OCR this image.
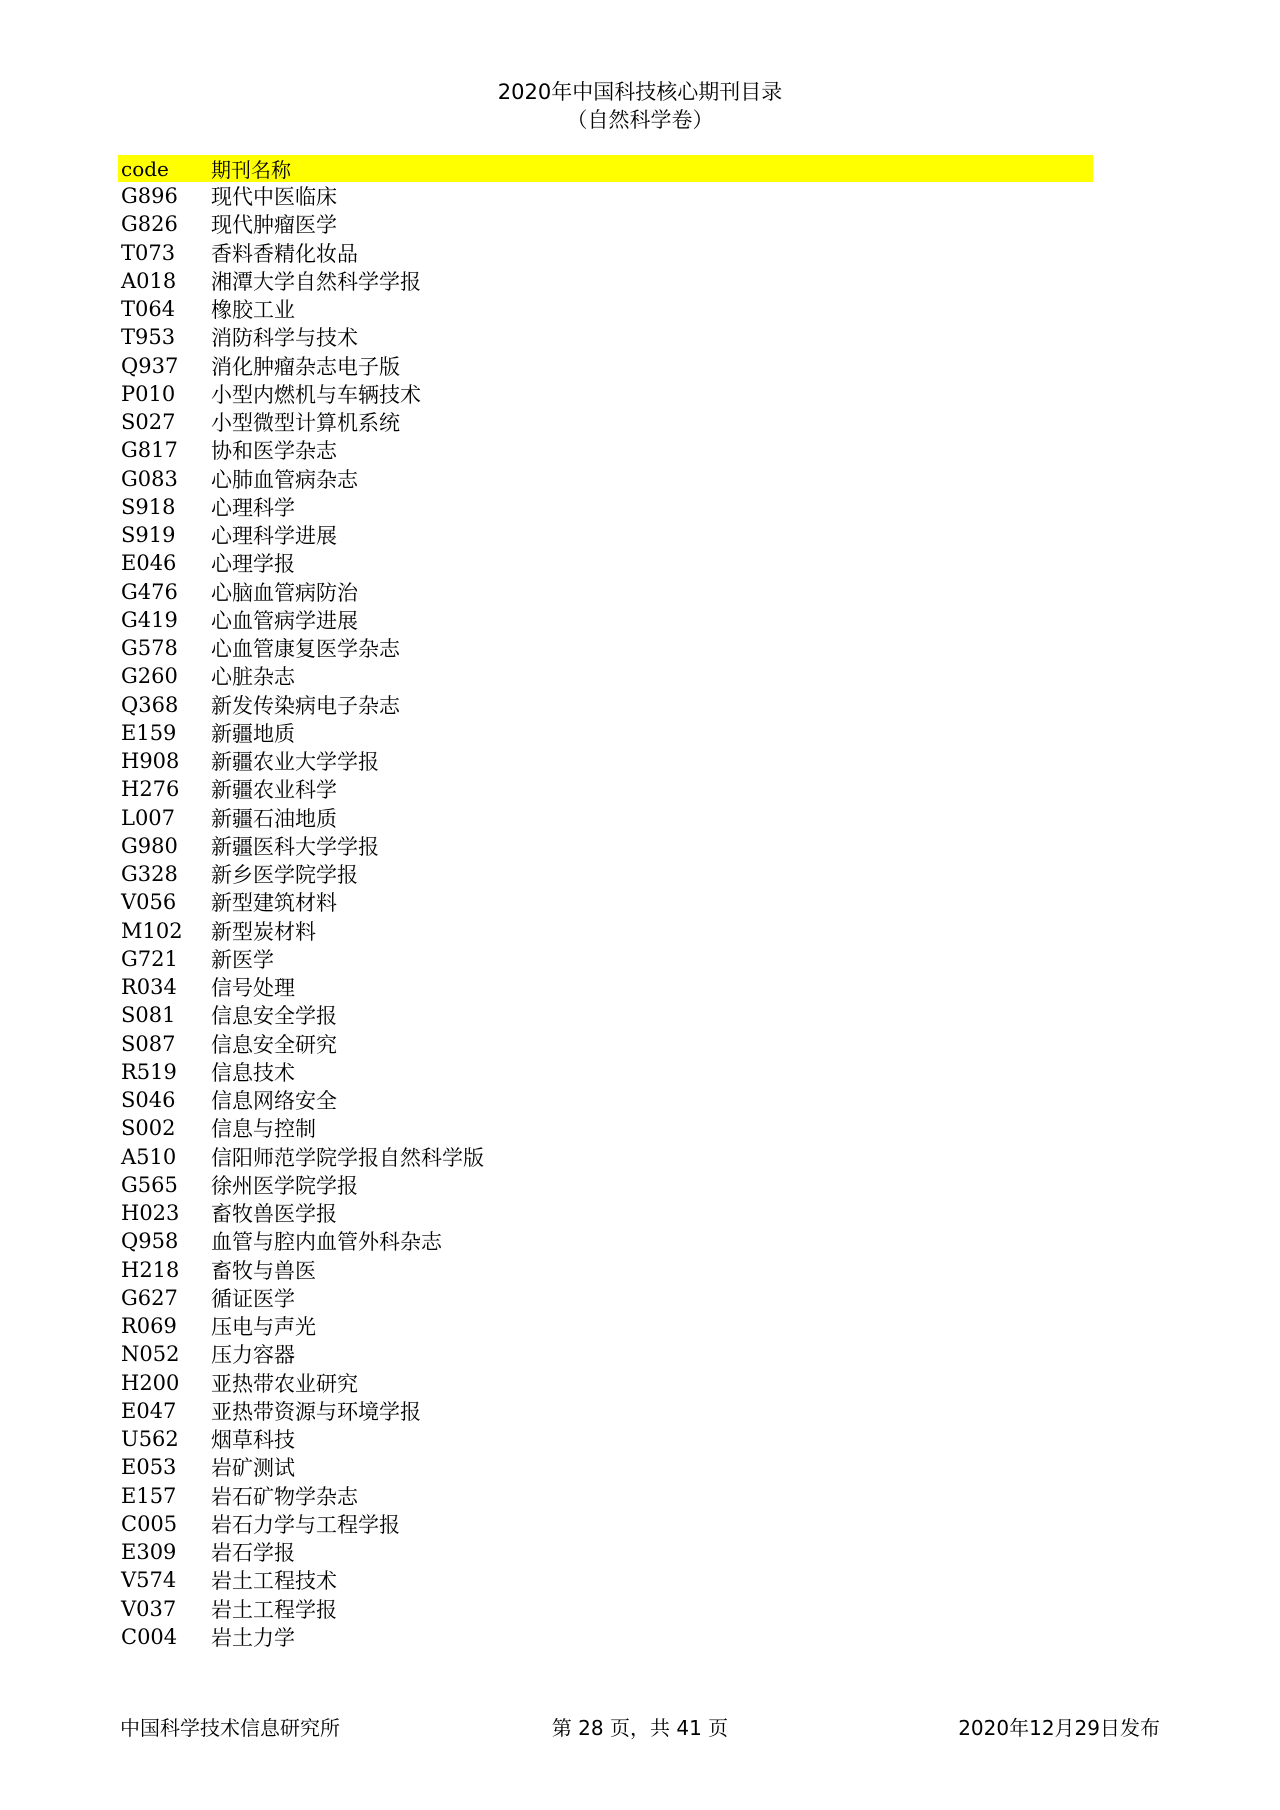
2020年中国科技核心期刊目录
（自然科学卷）
code	期刊名称
G896	现代中医临床
G826	现代肿瘤医学
T073	香料香精化妆品
A018	湘潭大学自然科学学报
T064	橡胶工业
T953	消防科学与技术
Q937	消化肿瘤杂志电子版
P010	小型内燃机与车辆技术
S027	小型微型计算机系统
G817	协和医学杂志
G083	心肺血管病杂志
S918	心理科学
S919	心理科学进展
E046	心理学报
G476	心脑血管病防治
G419	心血管病学进展
G578	心血管康复医学杂志
G260	心脏杂志
Q368	新发传染病电子杂志
E159	新疆地质
H908	新疆农业大学学报
H276	新疆农业科学
L007	新疆石油地质
G980	新疆医科大学学报
G328	新乡医学院学报
V056	新型建筑材料
M102	新型炭材料
G721	新医学
R034	信号处理
S081	信息安全学报
S087	信息安全研究
R519	信息技术
S046	信息网络安全
S002	信息与控制
A510	信阳师范学院学报自然科学版
G565	徐州医学院学报
H023	畜牧兽医学报
Q958	血管与腔内血管外科杂志
H218	畜牧与兽医
G627	循证医学
R069	压电与声光
N052	压力容器
H200	亚热带农业研究
E047	亚热带资源与环境学报
U562	烟草科技
E053	岩矿测试
E157	岩石矿物学杂志
C005	岩石力学与工程学报
E309	岩石学报
V574	岩土工程技术
V037	岩土工程学报
C004	岩土力学
中国科学技术信息研究所	第 28 页，共 41 页	2020年12月29日发布
